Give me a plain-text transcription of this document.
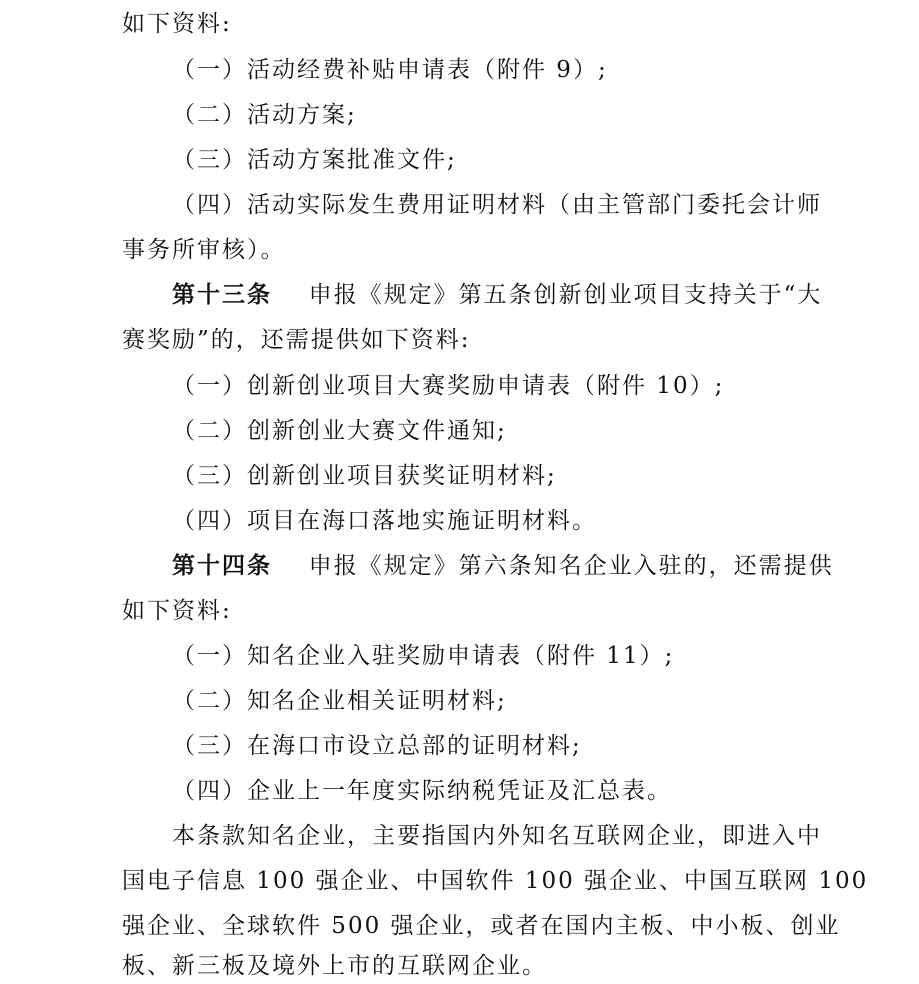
如下资料:
（一）活动经费补贴申请表（附件 9）;
（二）活动方案;
（三）活动方案批准文件;
（四）活动实际发生费用证明材料（由主管部门委托会计师
事务所审核）。
第十三条 申报《规定》第五条创新创业项目支持关于“大
赛奖励”的，还需提供如下资料:
（一）创新创业项目大赛奖励申请表（附件 10）;
（二）创新创业大赛文件通知;
（三）创新创业项目获奖证明材料;
（四）项目在海口落地实施证明材料。
第十四条 申报《规定》第六条知名企业入驻的，还需提供
如下资料:
（一）知名企业入驻奖励申请表（附件 11）;
（二）知名企业相关证明材料;
（三）在海口市设立总部的证明材料;
（四）企业上一年度实际纳税凭证及汇总表。
本条款知名企业，主要指国内外知名互联网企业，即进入中
国电子信息 100 强企业、中国软件 100 强企业、中国互联网 100
强企业、全球软件 500 强企业，或者在国内主板、中小板、创业
板、新三板及境外上市的互联网企业。
